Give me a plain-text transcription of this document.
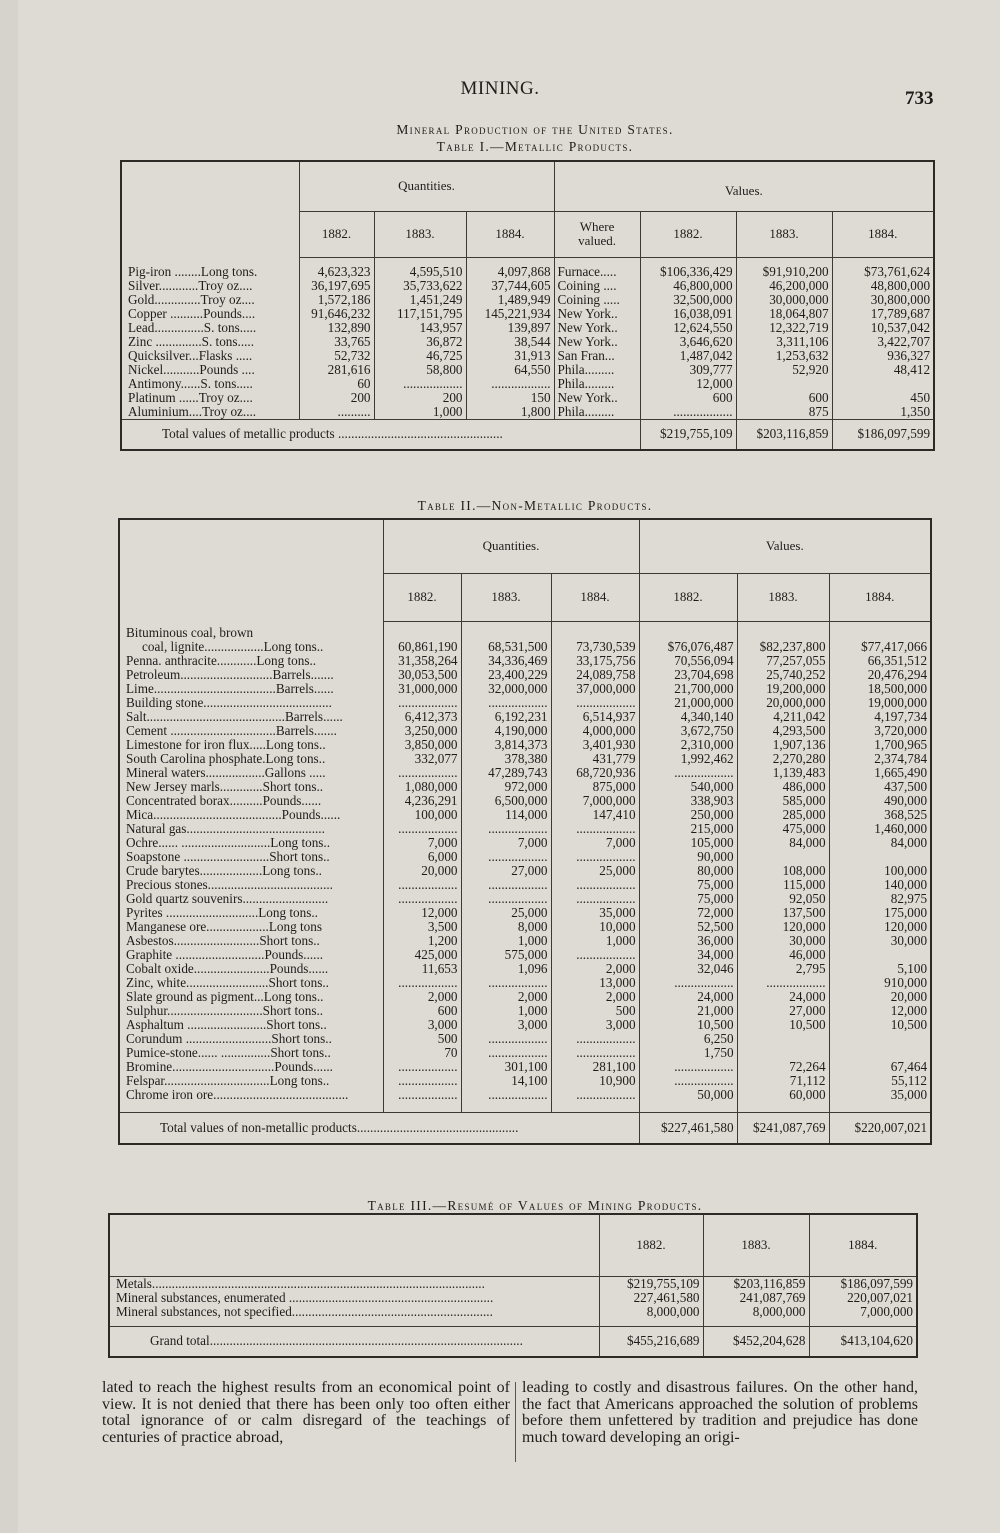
MINING.	733
Mineral Production of the United States.
Table I.—Metallic Products.
	Quantities.			Values.			
	1882.	1883.	1884.	Where valued.	1882.	1883.	1884.

Pig-iron ........Long tons.	4,623,323	4,595,510	4,097,868	Furnace.....	$106,336,429	$91,910,200	$73,761,624
Silver............Troy oz....	36,197,695	35,733,622	37,744,605	Coining ....	46,800,000	46,200,000	48,800,000
Gold..............Troy oz....	1,572,186	1,451,249	1,489,949	Coining .....	32,500,000	30,000,000	30,800,000
Copper ..........Pounds....	91,646,232	117,151,795	145,221,934	New York..	16,038,091	18,064,807	17,789,687
Lead...............S. tons.....	132,890	143,957	139,897	New York..	12,624,550	12,322,719	10,537,042
Zinc ..............S. tons.....	33,765	36,872	38,544	New York..	3,646,620	3,311,106	3,422,707
Quicksilver...Flasks .....	52,732	46,725	31,913	San Fran...	1,487,042	1,253,632	936,327
Nickel...........Pounds ....	281,616	58,800	64,550	Phila.........	309,777	52,920	48,412
Antimony......S. tons.....	60	..................	..................	Phila.........	12,000		
Platinum ......Troy oz....	200	200	150	New York..	600	600	450
Aluminium....Troy oz....	..........	1,000	1,800	Phila.........	..................	875	1,350
Total values of metallic products ..................................................					$219,755,109	$203,116,859	$186,097,599
Table II.—Non-Metallic Products.
	Quantities.			Values.		
	1882.	1883.	1884.	1882.	1883.	1884.

Bituminous coal, brown						
coal, lignite..................Long tons..	60,861,190	68,531,500	73,730,539	$76,076,487	$82,237,800	$77,417,066
Penna. anthracite............Long tons..	31,358,264	34,336,469	33,175,756	70,556,094	77,257,055	66,351,512
Petroleum............................Barrels.......	30,053,500	23,400,229	24,089,758	23,704,698	25,740,252	20,476,294
Lime.....................................Barrels......	31,000,000	32,000,000	37,000,000	21,700,000	19,200,000	18,500,000
Building stone.......................................	..................	..................	..................	21,000,000	20,000,000	19,000,000
Salt..........................................Barrels......	6,412,373	6,192,231	6,514,937	4,340,140	4,211,042	4,197,734
Cement ................................Barrels.......	3,250,000	4,190,000	4,000,000	3,672,750	4,293,500	3,720,000
Limestone for iron flux.....Long tons..	3,850,000	3,814,373	3,401,930	2,310,000	1,907,136	1,700,965
South Carolina phosphate.Long tons..	332,077	378,380	431,779	1,992,462	2,270,280	2,374,784
Mineral waters..................Gallons .....	..................	47,289,743	68,720,936	..................	1,139,483	1,665,490
New Jersey marls.............Short tons..	1,080,000	972,000	875,000	540,000	486,000	437,500
Concentrated borax..........Pounds......	4,236,291	6,500,000	7,000,000	338,903	585,000	490,000
Mica.......................................Pounds......	100,000	114,000	147,410	250,000	285,000	368,525
Natural gas..........................................	..................	..................	..................	215,000	475,000	1,460,000
Ochre...... ...........................Long tons..	7,000	7,000	7,000	105,000	84,000	84,000
Soapstone ..........................Short tons..	6,000	..................	..................	90,000		
Crude barytes...................Long tons..	20,000	27,000	25,000	80,000	108,000	100,000
Precious stones......................................	..................	..................	..................	75,000	115,000	140,000
Gold quartz souvenirs..........................	..................	..................	..................	75,000	92,050	82,975
Pyrites ............................Long tons..	12,000	25,000	35,000	72,000	137,500	175,000
Manganese ore...................Long tons	3,500	8,000	10,000	52,500	120,000	120,000
Asbestos..........................Short tons..	1,200	1,000	1,000	36,000	30,000	30,000
Graphite ...........................Pounds......	425,000	575,000	..................	34,000	46,000	
Cobalt oxide.......................Pounds......	11,653	1,096	2,000	32,046	2,795	5,100
Zinc, white.........................Short tons..	..................	..................	13,000	..................	..................	910,000
Slate ground as pigment...Long tons..	2,000	2,000	2,000	24,000	24,000	20,000
Sulphur.............................Short tons..	600	1,000	500	21,000	27,000	12,000
Asphaltum ........................Short tons..	3,000	3,000	3,000	10,500	10,500	10,500
Corundum ..........................Short tons..	500	..................	..................	6,250		
Pumice-stone...... ...............Short tons..	70	..................	..................	1,750		
Bromine...............................Pounds......	..................	301,100	281,100	..................	72,264	67,464
Felspar................................Long tons..	..................	14,100	10,900	..................	71,112	55,112
Chrome iron ore.........................................	..................	..................	..................	50,000	60,000	35,000

Total values of non-metallic products.................................................				$227,461,580	$241,087,769	$220,007,021
Table III.—Resumé of Values of Mining Products.
	1882.	1883.	1884.
Metals.....................................................................................................	$219,755,109	$203,116,859	$186,097,599
Mineral substances, enumerated ..............................................................	227,461,580	241,087,769	220,007,021
Mineral substances, not specified.............................................................	8,000,000	8,000,000	7,000,000

Grand total...............................................................................................	$455,216,689	$452,204,628	$413,104,620
lated to reach the highest results from an economical point of view. It is not denied that there has been only too often either total ignorance of or calm disregard of the teachings of centuries of practice abroad,
leading to costly and disastrous failures. On the other hand, the fact that Americans approached the solution of problems before them unfettered by tradition and prejudice has done much toward developing an origi-
